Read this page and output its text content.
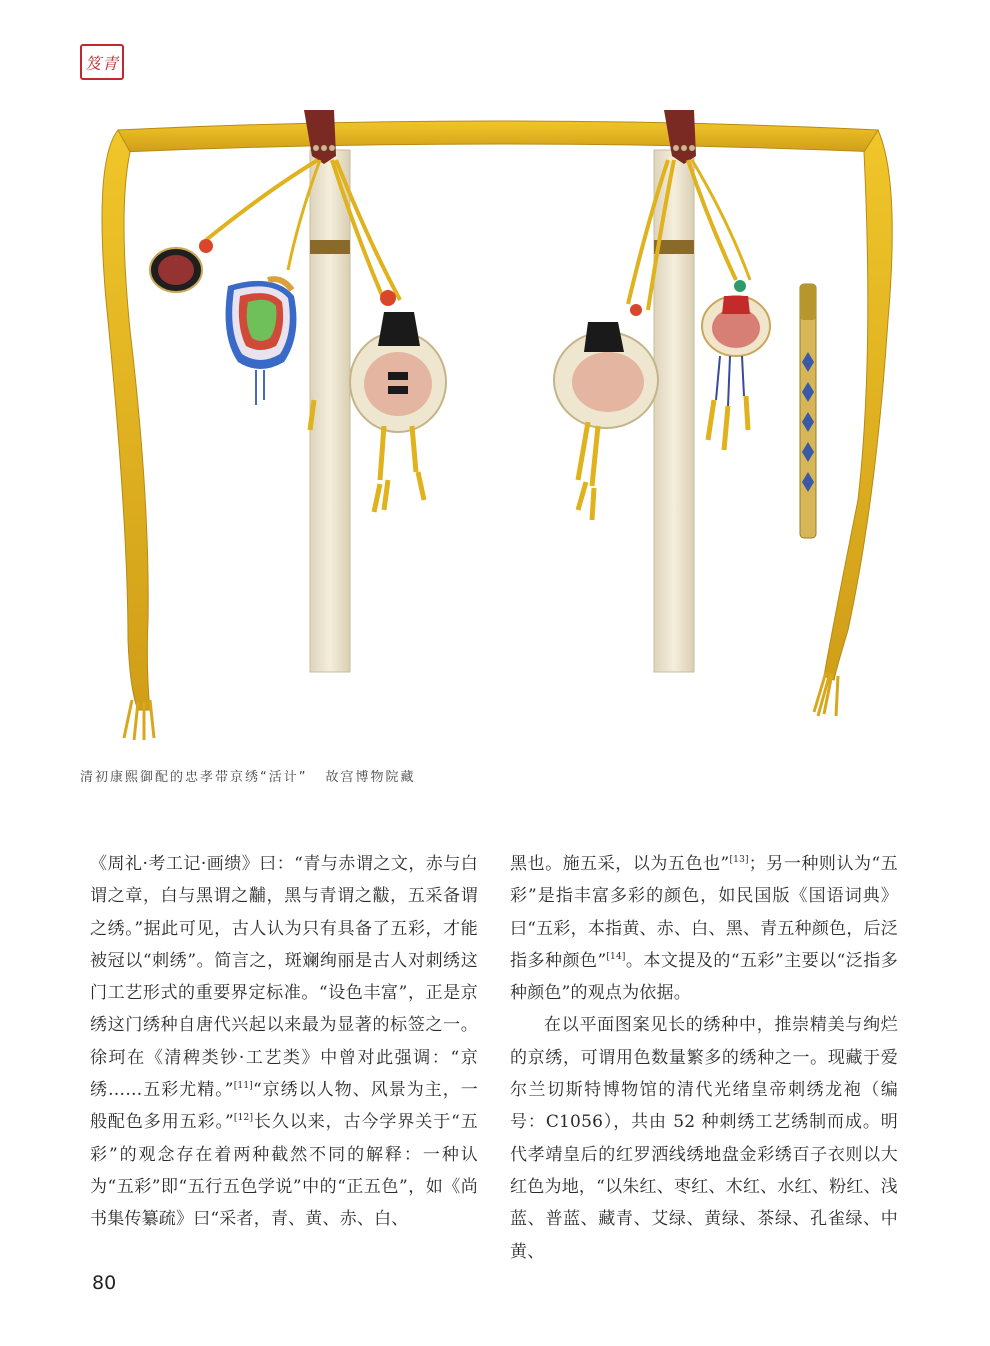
笈青
清初康熙御配的忠孝带京绣“活计” 故宫博物院藏

《周礼·考工记·画缋》曰：“青与赤谓之文，赤与白谓之章，白与黑谓之黼，黑与青谓之黻，五采备谓之绣。”据此可见，古人认为只有具备了五彩，才能被冠以“刺绣”。简言之，斑斓绚丽是古人对刺绣这门工艺形式的重要界定标准。“设色丰富”，正是京绣这门绣种自唐代兴起以来最为显著的标签之一。徐珂在《清稗类钞·工艺类》中曾对此强调：“京绣……五彩尤精。”[11]“京绣以人物、风景为主，一般配色多用五彩。”[12]长久以来，古今学界关于“五彩”的观念存在着两种截然不同的解释：一种认为“五彩”即“五行五色学说”中的“正五色”，如《尚书集传纂疏》曰“采者，青、黄、赤、白、

黑也。施五采，以为五色也”[13]；另一种则认为“五彩”是指丰富多彩的颜色，如民国版《国语词典》曰“五彩，本指黄、赤、白、黑、青五种颜色，后泛指多种颜色”[14]。本文提及的“五彩”主要以“泛指多种颜色”的观点为依据。

在以平面图案见长的绣种中，推崇精美与绚烂的京绣，可谓用色数量繁多的绣种之一。现藏于爱尔兰切斯特博物馆的清代光绪皇帝刺绣龙袍（编号：C1056），共由 52 种刺绣工艺绣制而成。明代孝靖皇后的红罗洒线绣地盘金彩绣百子衣则以大红色为地，“以朱红、枣红、木红、水红、粉红、浅蓝、普蓝、藏青、艾绿、黄绿、茶绿、孔雀绿、中黄、

80
